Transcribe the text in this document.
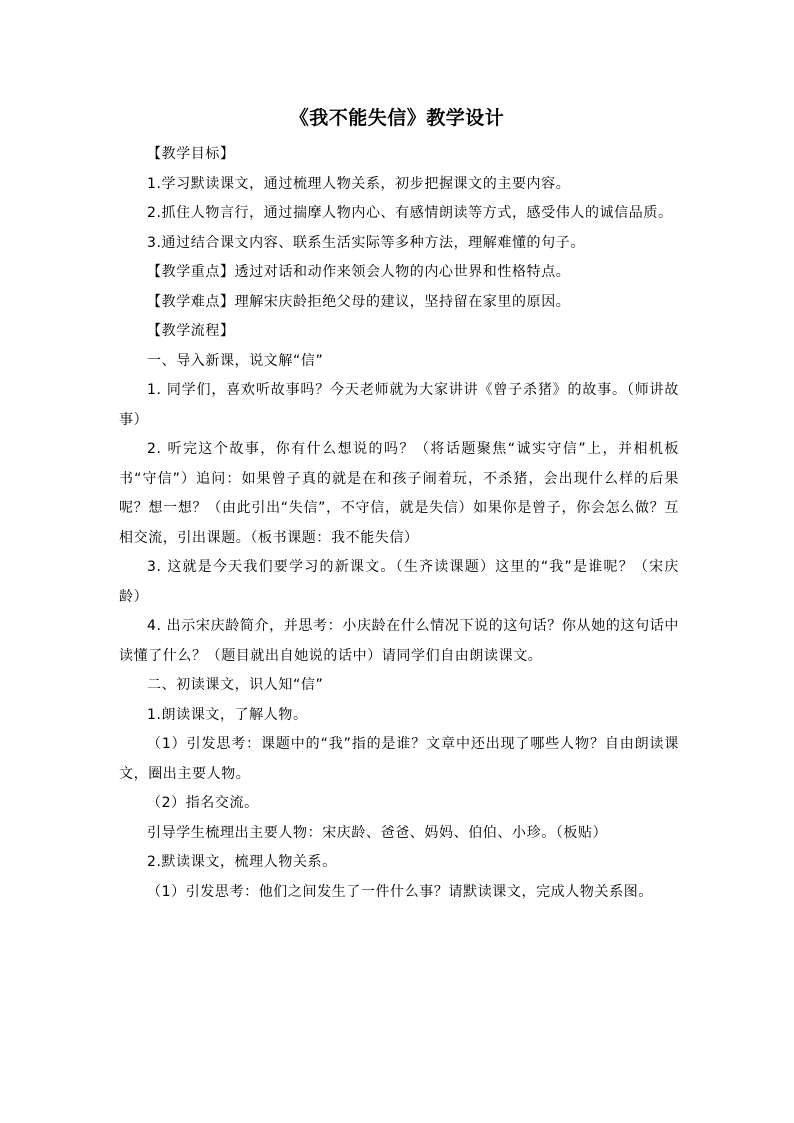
《我不能失信》教学设计

【教学目标】

1.学习默读课文，通过梳理人物关系，初步把握课文的主要内容。

2.抓住人物言行，通过揣摩人物内心、有感情朗读等方式，感受伟人的诚信品质。

3.通过结合课文内容、联系生活实际等多种方法，理解难懂的句子。

【教学重点】透过对话和动作来领会人物的内心世界和性格特点。

【教学难点】理解宋庆龄拒绝父母的建议，坚持留在家里的原因。

【教学流程】

一、导入新课，说文解“信”

1. 同学们，喜欢听故事吗？今天老师就为大家讲讲《曾子杀猪》的故事。（师讲故事）

2. 听完这个故事，你有什么想说的吗？（将话题聚焦“诚实守信”上，并相机板书“守信”）追问：如果曾子真的就是在和孩子闹着玩，不杀猪，会出现什么样的后果呢？想一想？（由此引出“失信”，不守信，就是失信）如果你是曾子，你会怎么做？互相交流，引出课题。（板书课题：我不能失信）

3. 这就是今天我们要学习的新课文。（生齐读课题）这里的“我”是谁呢？（宋庆龄）

4. 出示宋庆龄简介，并思考：小庆龄在什么情况下说的这句话？你从她的这句话中读懂了什么？（题目就出自她说的话中）请同学们自由朗读课文。

二、初读课文，识人知“信”

1.朗读课文，了解人物。

（1）引发思考：课题中的“我”指的是谁？文章中还出现了哪些人物？自由朗读课文，圈出主要人物。

（2）指名交流。

引导学生梳理出主要人物：宋庆龄、爸爸、妈妈、伯伯、小珍。（板贴）

2.默读课文，梳理人物关系。

（1）引发思考：他们之间发生了一件什么事？请默读课文，完成人物关系图。
